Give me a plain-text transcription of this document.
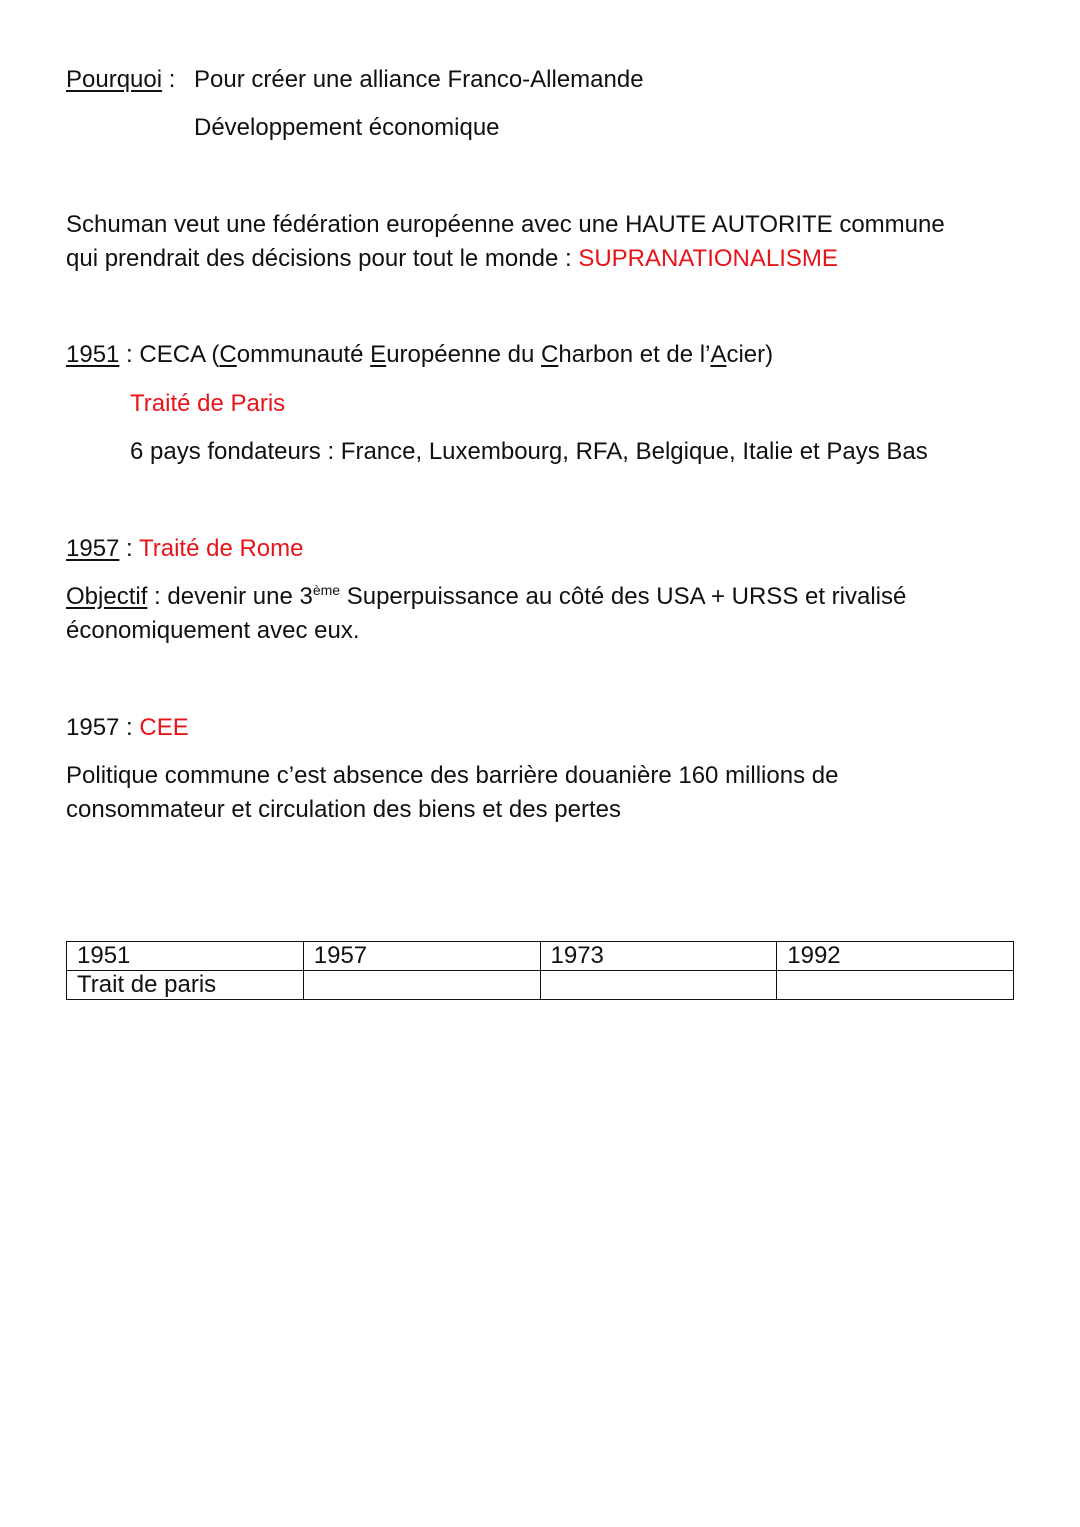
Pourquoi : Pour créer une alliance Franco-Allemande
Développement économique
Schuman veut une fédération européenne avec une HAUTE AUTORITE commune
qui prendrait des décisions pour tout le monde : SUPRANATIONALISME
1951 : CECA (Communauté Européenne du Charbon et de l’Acier)
Traité de Paris
6 pays fondateurs : France, Luxembourg, RFA, Belgique, Italie et Pays Bas
1957 : Traité de Rome
Objectif : devenir une 3ème Superpuissance au côté des USA + URSS et rivalisé
économiquement avec eux.
1957 : CEE
Politique commune c’est absence des barrière douanière 160 millions de
consommateur et circulation des biens et des pertes
1951	1957	1973	1992
Trait de paris			
